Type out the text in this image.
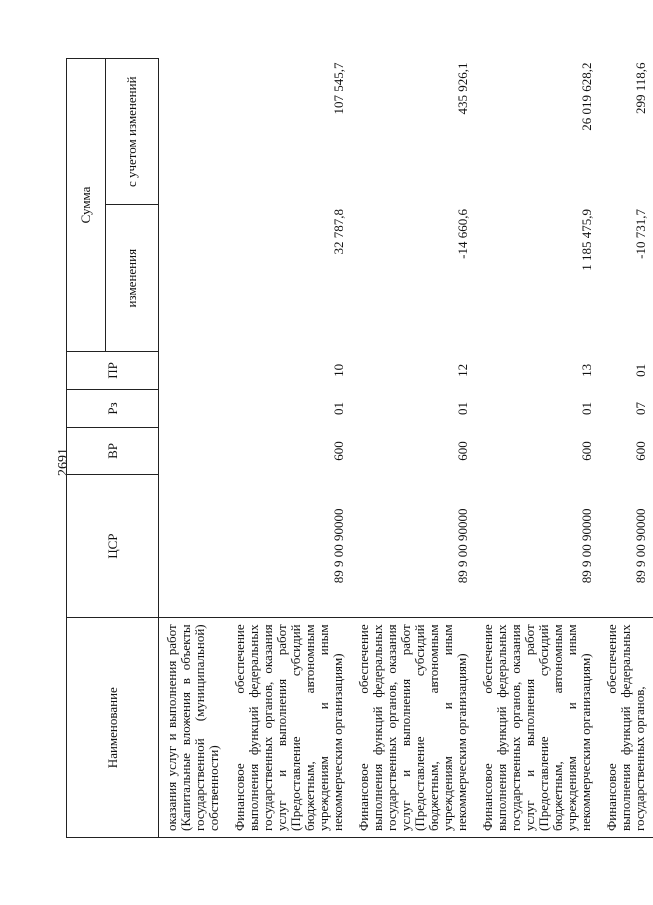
2691
Наименование	ЦСР	ВР	Рз	ПР	Сумма	
					изменения	с учетом изменений
оказания услуг и выполнения работ (Капитальные вложения в объекты государственной (муниципальной) собственности)						
Финансовое обеспечение выполнения функций федеральных государственных органов, оказания услуг и выполнения работ (Предоставление субсидий бюджетным, автономным учреждениям и иным некоммерческим организациям)	89 9 00 90000	600	01	10	32 787,8	107 545,7
Финансовое обеспечение выполнения функций федеральных государственных органов, оказания услуг и выполнения работ (Предоставление субсидий бюджетным, автономным учреждениям и иным некоммерческим организациям)	89 9 00 90000	600	01	12	-14 660,6	435 926,1
Финансовое обеспечение выполнения функций федеральных государственных органов, оказания услуг и выполнения работ (Предоставление субсидий бюджетным, автономным учреждениям и иным некоммерческим организациям)	89 9 00 90000	600	01	13	1 185 475,9	26 019 628,2
Финансовое обеспечение выполнения функций федеральных государственных органов,	89 9 00 90000	600	07	01	-10 731,7	299 118,6
